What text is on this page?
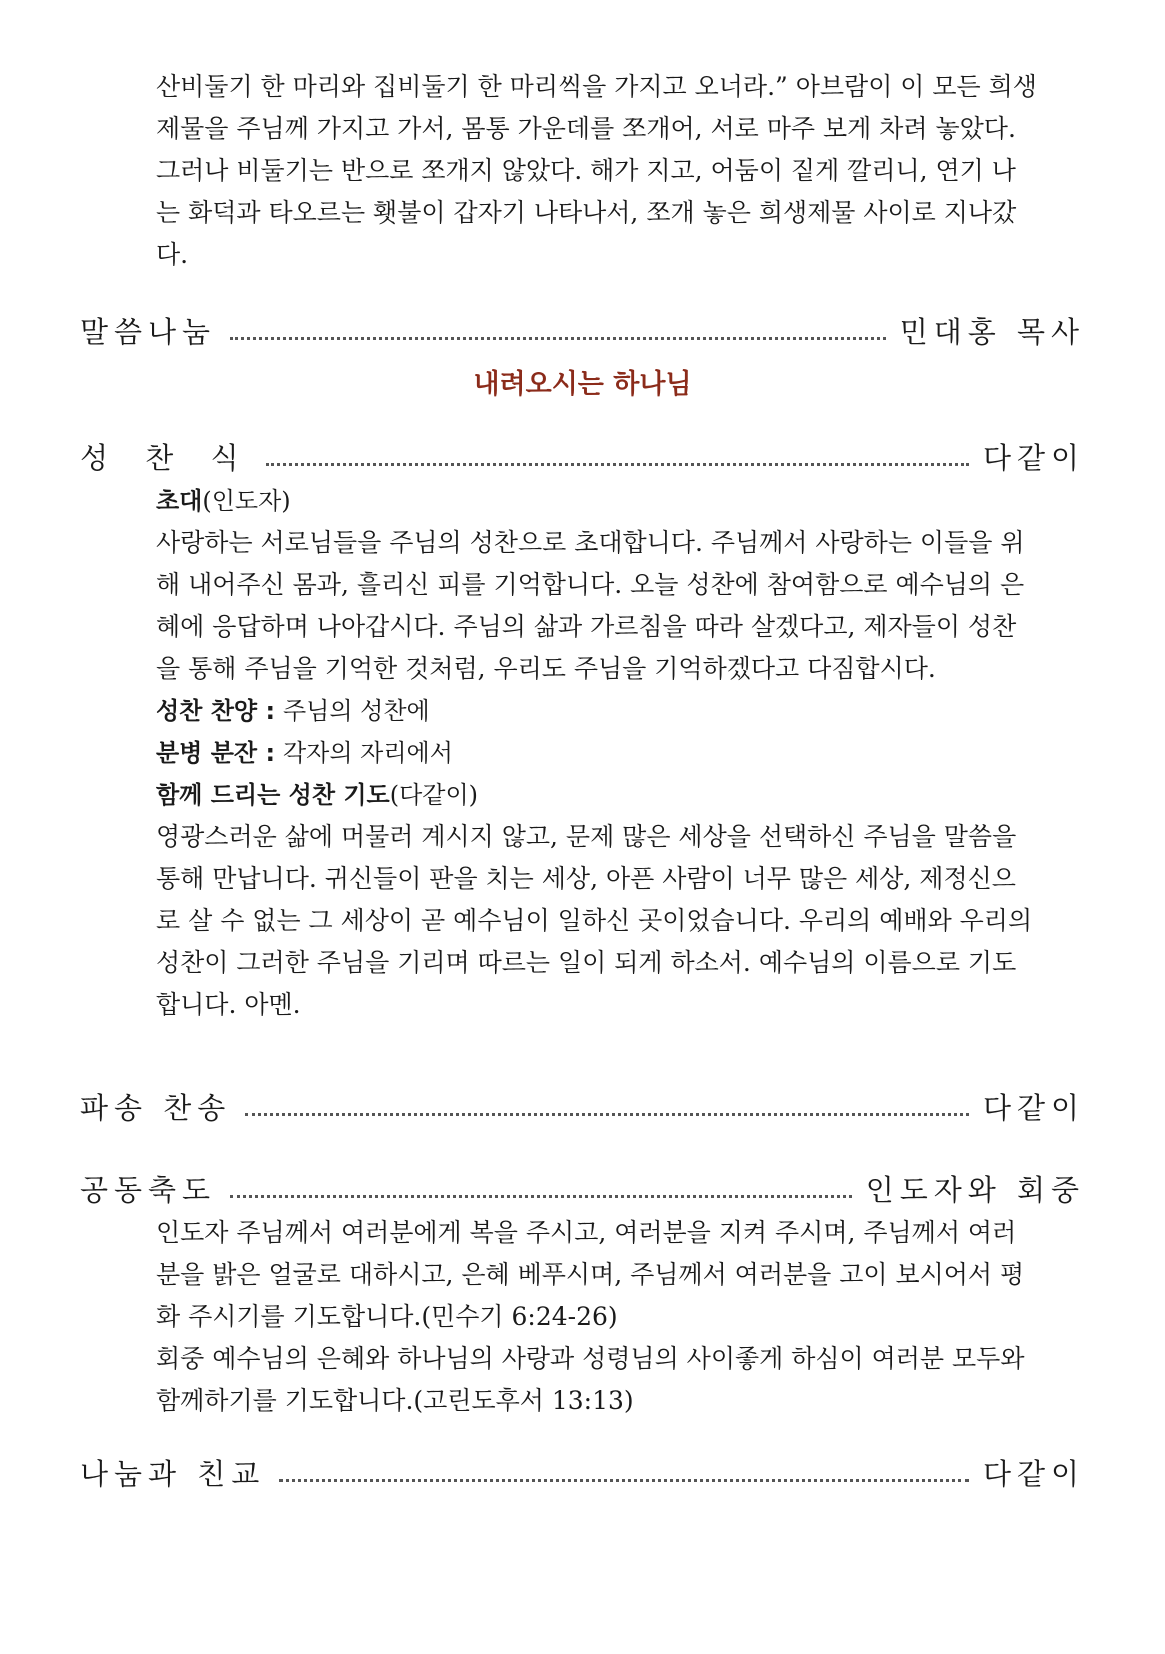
산비둘기 한 마리와 집비둘기 한 마리씩을 가지고 오너라.” 아브람이 이 모든 희생제물을 주님께 가지고 가서, 몸통 가운데를 쪼개어, 서로 마주 보게 차려 놓았다. 그러나 비둘기는 반으로 쪼개지 않았다. 해가 지고, 어둠이 짙게 깔리니, 연기 나는 화덕과 타오르는 횃불이 갑자기 나타나서, 쪼개 놓은 희생제물 사이로 지나갔다.

말씀나눔	민대홍 목사
내려오시는 하나님
성 찬 식	다같이
초대(인도자)

사랑하는 서로님들을 주님의 성찬으로 초대합니다. 주님께서 사랑하는 이들을 위해 내어주신 몸과, 흘리신 피를 기억합니다. 오늘 성찬에 참여함으로 예수님의 은혜에 응답하며 나아갑시다. 주님의 삶과 가르침을 따라 살겠다고, 제자들이 성찬을 통해 주님을 기억한 것처럼, 우리도 주님을 기억하겠다고 다짐합시다.

성찬 찬양 : 주님의 성찬에
분병 분잔 : 각자의 자리에서
함께 드리는 성찬 기도(다같이)

영광스러운 삶에 머물러 계시지 않고, 문제 많은 세상을 선택하신 주님을 말씀을 통해 만납니다. 귀신들이 판을 치는 세상, 아픈 사람이 너무 많은 세상, 제정신으로 살 수 없는 그 세상이 곧 예수님이 일하신 곳이었습니다. 우리의 예배와 우리의 성찬이 그러한 주님을 기리며 따르는 일이 되게 하소서. 예수님의 이름으로 기도합니다. 아멘.

파송 찬송	다같이
공동축도	인도자와 회중

인도자 주님께서 여러분에게 복을 주시고, 여러분을 지켜 주시며, 주님께서 여러분을 밝은 얼굴로 대하시고, 은혜 베푸시며, 주님께서 여러분을 고이 보시어서 평화 주시기를 기도합니다.(민수기 6:24-26)

회중 예수님의 은혜와 하나님의 사랑과 성령님의 사이좋게 하심이 여러분 모두와 함께하기를 기도합니다.(고린도후서 13:13)

나눔과 친교	다같이
